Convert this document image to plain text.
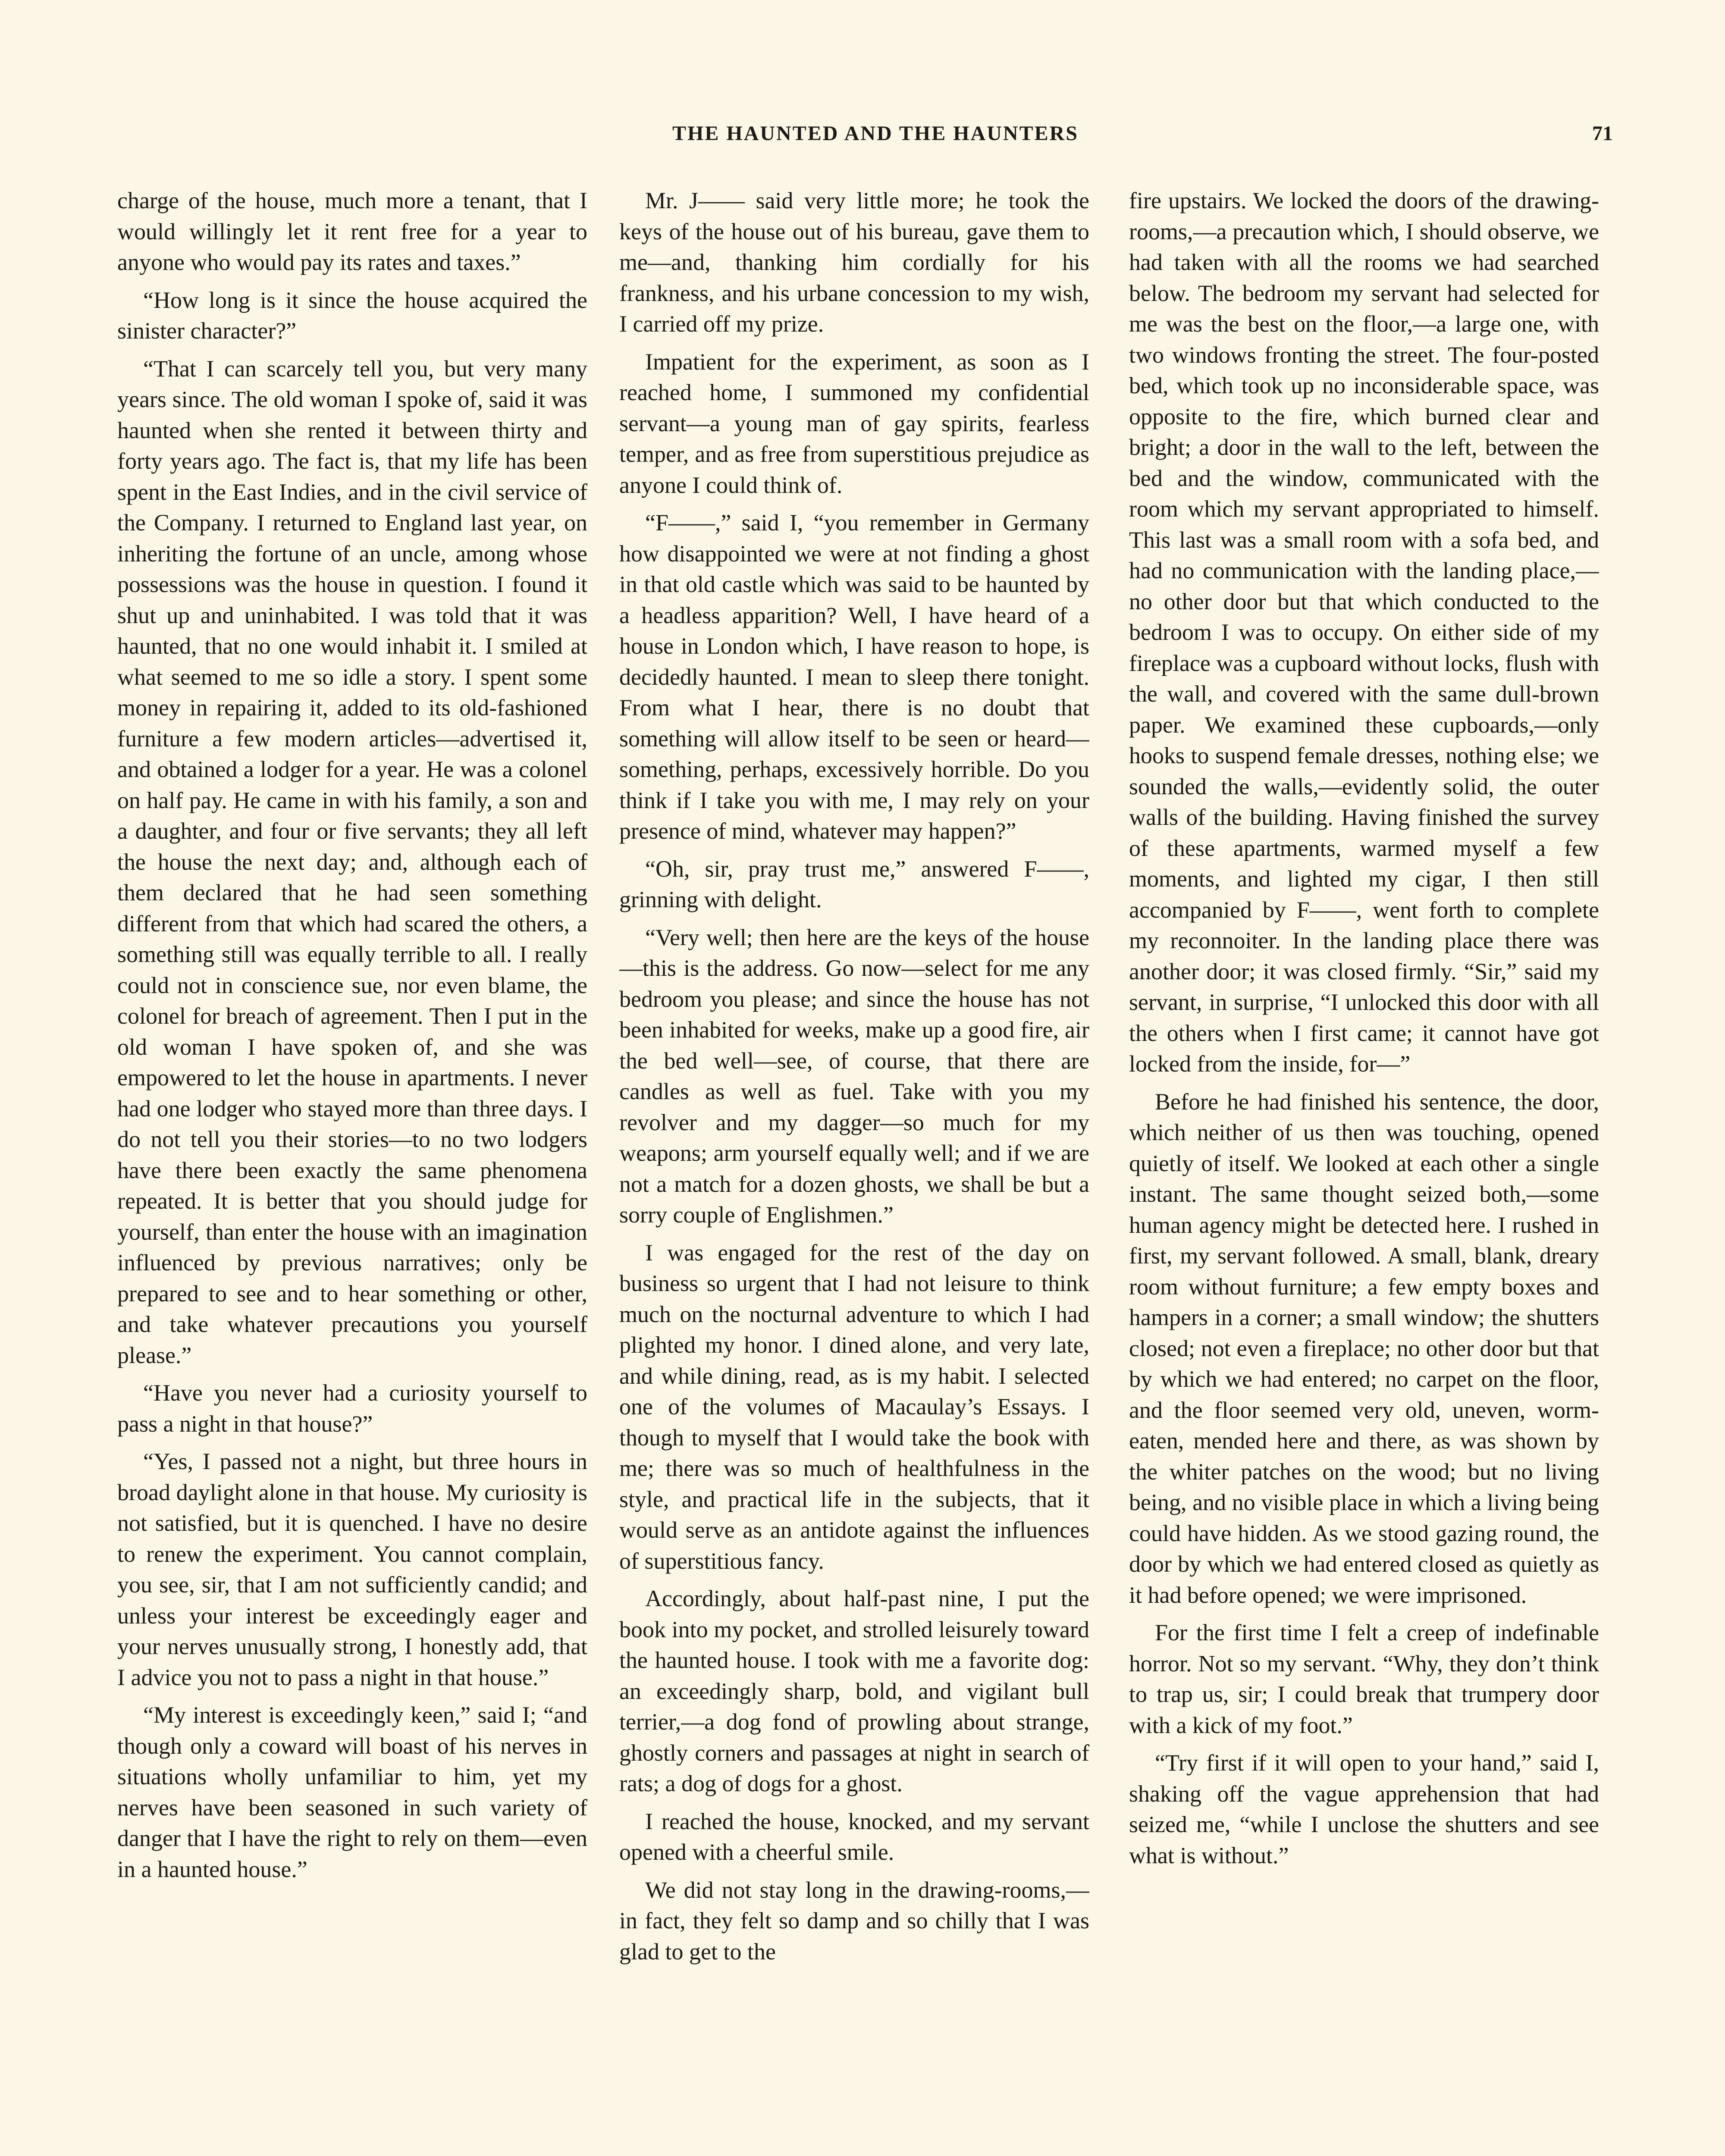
THE HAUNTED AND THE HAUNTERS	71

charge of the house, much more a tenant, that I would willingly let it rent free for a year to anyone who would pay its rates and taxes.”

“How long is it since the house acquired the sinister character?”

“That I can scarcely tell you, but very many years since. The old woman I spoke of, said it was haunted when she rented it between thirty and forty years ago. The fact is, that my life has been spent in the East Indies, and in the civil service of the Company. I returned to England last year, on inheriting the fortune of an uncle, among whose possessions was the house in question. I found it shut up and uninhabited. I was told that it was haunted, that no one would inhabit it. I smiled at what seemed to me so idle a story. I spent some money in repairing it, added to its old-fashioned furniture a few modern articles—advertised it, and obtained a lodger for a year. He was a colonel on half pay. He came in with his family, a son and a daughter, and four or five servants; they all left the house the next day; and, although each of them declared that he had seen something different from that which had scared the others, a something still was equally terrible to all. I really could not in conscience sue, nor even blame, the colonel for breach of agreement. Then I put in the old woman I have spoken of, and she was empowered to let the house in apartments. I never had one lodger who stayed more than three days. I do not tell you their stories—to no two lodgers have there been exactly the same phenomena repeated. It is better that you should judge for yourself, than enter the house with an imagination influenced by previous narratives; only be prepared to see and to hear something or other, and take whatever precautions you yourself please.”

“Have you never had a curiosity yourself to pass a night in that house?”

“Yes, I passed not a night, but three hours in broad daylight alone in that house. My curiosity is not satisfied, but it is quenched. I have no desire to renew the experiment. You cannot complain, you see, sir, that I am not sufficiently candid; and unless your interest be exceedingly eager and your nerves unusually strong, I honestly add, that I advice you not to pass a night in that house.”

“My interest is exceedingly keen,” said I; “and though only a coward will boast of his nerves in situations wholly unfamiliar to him, yet my nerves have been seasoned in such variety of danger that I have the right to rely on them—even in a haunted house.”

Mr. J—— said very little more; he took the keys of the house out of his bureau, gave them to me—and, thanking him cordially for his frankness, and his urbane concession to my wish, I carried off my prize.

Impatient for the experiment, as soon as I reached home, I summoned my confidential servant—a young man of gay spirits, fearless temper, and as free from superstitious prejudice as anyone I could think of.

“F——,” said I, “you remember in Germany how disappointed we were at not finding a ghost in that old castle which was said to be haunted by a headless apparition? Well, I have heard of a house in London which, I have reason to hope, is decidedly haunted. I mean to sleep there tonight. From what I hear, there is no doubt that something will allow itself to be seen or heard—something, perhaps, excessively horrible. Do you think if I take you with me, I may rely on your presence of mind, whatever may happen?”

“Oh, sir, pray trust me,” answered F——, grinning with delight.

“Very well; then here are the keys of the house—this is the address. Go now—select for me any bedroom you please; and since the house has not been inhabited for weeks, make up a good fire, air the bed well—see, of course, that there are candles as well as fuel. Take with you my revolver and my dagger—so much for my weapons; arm yourself equally well; and if we are not a match for a dozen ghosts, we shall be but a sorry couple of Englishmen.”

I was engaged for the rest of the day on business so urgent that I had not leisure to think much on the nocturnal adventure to which I had plighted my honor. I dined alone, and very late, and while dining, read, as is my habit. I selected one of the volumes of Macaulay’s Essays. I though to myself that I would take the book with me; there was so much of healthfulness in the style, and practical life in the subjects, that it would serve as an antidote against the influences of superstitious fancy.

Accordingly, about half-past nine, I put the book into my pocket, and strolled leisurely toward the haunted house. I took with me a favorite dog: an exceedingly sharp, bold, and vigilant bull terrier,—a dog fond of prowling about strange, ghostly corners and passages at night in search of rats; a dog of dogs for a ghost.

I reached the house, knocked, and my servant opened with a cheerful smile.

We did not stay long in the drawing-rooms,—in fact, they felt so damp and so chilly that I was glad to get to the

fire upstairs. We locked the doors of the drawing-rooms,—a precaution which, I should observe, we had taken with all the rooms we had searched below. The bedroom my servant had selected for me was the best on the floor,—a large one, with two windows fronting the street. The four-posted bed, which took up no inconsiderable space, was opposite to the fire, which burned clear and bright; a door in the wall to the left, between the bed and the window, communicated with the room which my servant appropriated to himself. This last was a small room with a sofa bed, and had no communication with the landing place,—no other door but that which conducted to the bedroom I was to occupy. On either side of my fireplace was a cupboard without locks, flush with the wall, and covered with the same dull-brown paper. We examined these cupboards,—only hooks to suspend female dresses, nothing else; we sounded the walls,—evidently solid, the outer walls of the building. Having finished the survey of these apartments, warmed myself a few moments, and lighted my cigar, I then still accompanied by F——, went forth to complete my reconnoiter. In the landing place there was another door; it was closed firmly. “Sir,” said my servant, in surprise, “I unlocked this door with all the others when I first came; it cannot have got locked from the inside, for—”

Before he had finished his sentence, the door, which neither of us then was touching, opened quietly of itself. We looked at each other a single instant. The same thought seized both,—some human agency might be detected here. I rushed in first, my servant followed. A small, blank, dreary room without furniture; a few empty boxes and hampers in a corner; a small window; the shutters closed; not even a fireplace; no other door but that by which we had entered; no carpet on the floor, and the floor seemed very old, uneven, worm-eaten, mended here and there, as was shown by the whiter patches on the wood; but no living being, and no visible place in which a living being could have hidden. As we stood gazing round, the door by which we had entered closed as quietly as it had before opened; we were imprisoned.

For the first time I felt a creep of indefinable horror. Not so my servant. “Why, they don’t think to trap us, sir; I could break that trumpery door with a kick of my foot.”

“Try first if it will open to your hand,” said I, shaking off the vague apprehension that had seized me, “while I unclose the shutters and see what is without.”
